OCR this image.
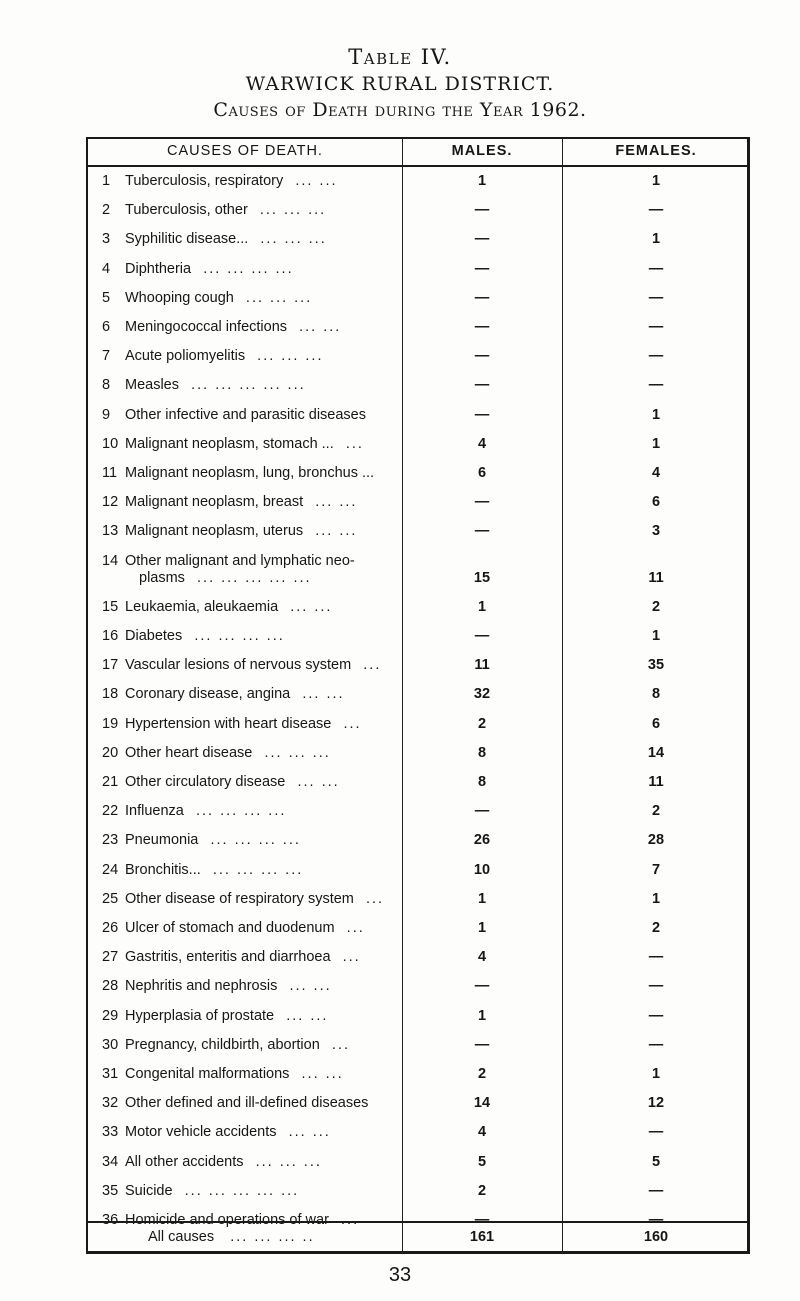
Table IV.
WARWICK RURAL DISTRICT.
Causes of Death during the Year 1962.
CAUSES OF DEATH.	MALES.	FEMALES.
1	Tuberculosis, respiratory ... ...	1	1
2	Tuberculosis, other ... ... ...	—	—
3	Syphilitic disease... ... ... ...	—	1
4	Diphtheria ... ... ... ...	—	—
5	Whooping cough ... ... ...	—	—
6	Meningococcal infections ... ...	—	—
7	Acute poliomyelitis ... ... ...	—	—
8	Measles ... ... ... ... ...	—	—
9	Other infective and parasitic diseases	—	1
10 Malignant neoplasm, stomach ... ...	4	1
11 Malignant neoplasm, lung, bronchus ...	6	4
12 Malignant neoplasm, breast ... ...	—	6
13 Malignant neoplasm, uterus ... ...	—	3
14 Other malignant and lymphatic neo-
plasms ... ... ... ... ...	15	11
15 Leukaemia, aleukaemia ... ...	1	2
16 Diabetes ... ... ... ...	—	1
17 Vascular lesions of nervous system ...	11	35
18 Coronary disease, angina ... ...	32	8
19 Hypertension with heart disease ...	2	6
20 Other heart disease ... ... ...	8	14
21 Other circulatory disease ... ...	8	11
22 Influenza ... ... ... ...	—	2
23 Pneumonia ... ... ... ...	26	28
24 Bronchitis... ... ... ... ...	10	7
25 Other disease of respiratory system ...	1	1
26 Ulcer of stomach and duodenum ...	1	2
27 Gastritis, enteritis and diarrhoea ...	4	—
28 Nephritis and nephrosis ... ...	—	—
29 Hyperplasia of prostate ... ...	1	—
30 Pregnancy, childbirth, abortion ...	—	—
31 Congenital malformations ... ...	2	1
32 Other defined and ill-defined diseases	14	12
33 Motor vehicle accidents ... ...	4	—
34 All other accidents ... ... ...	5	5
35 Suicide ... ... ... ... ...	2	—
36 Homicide and operations of war ...	—	—
All causes ... ... ... ..	161	160
33
